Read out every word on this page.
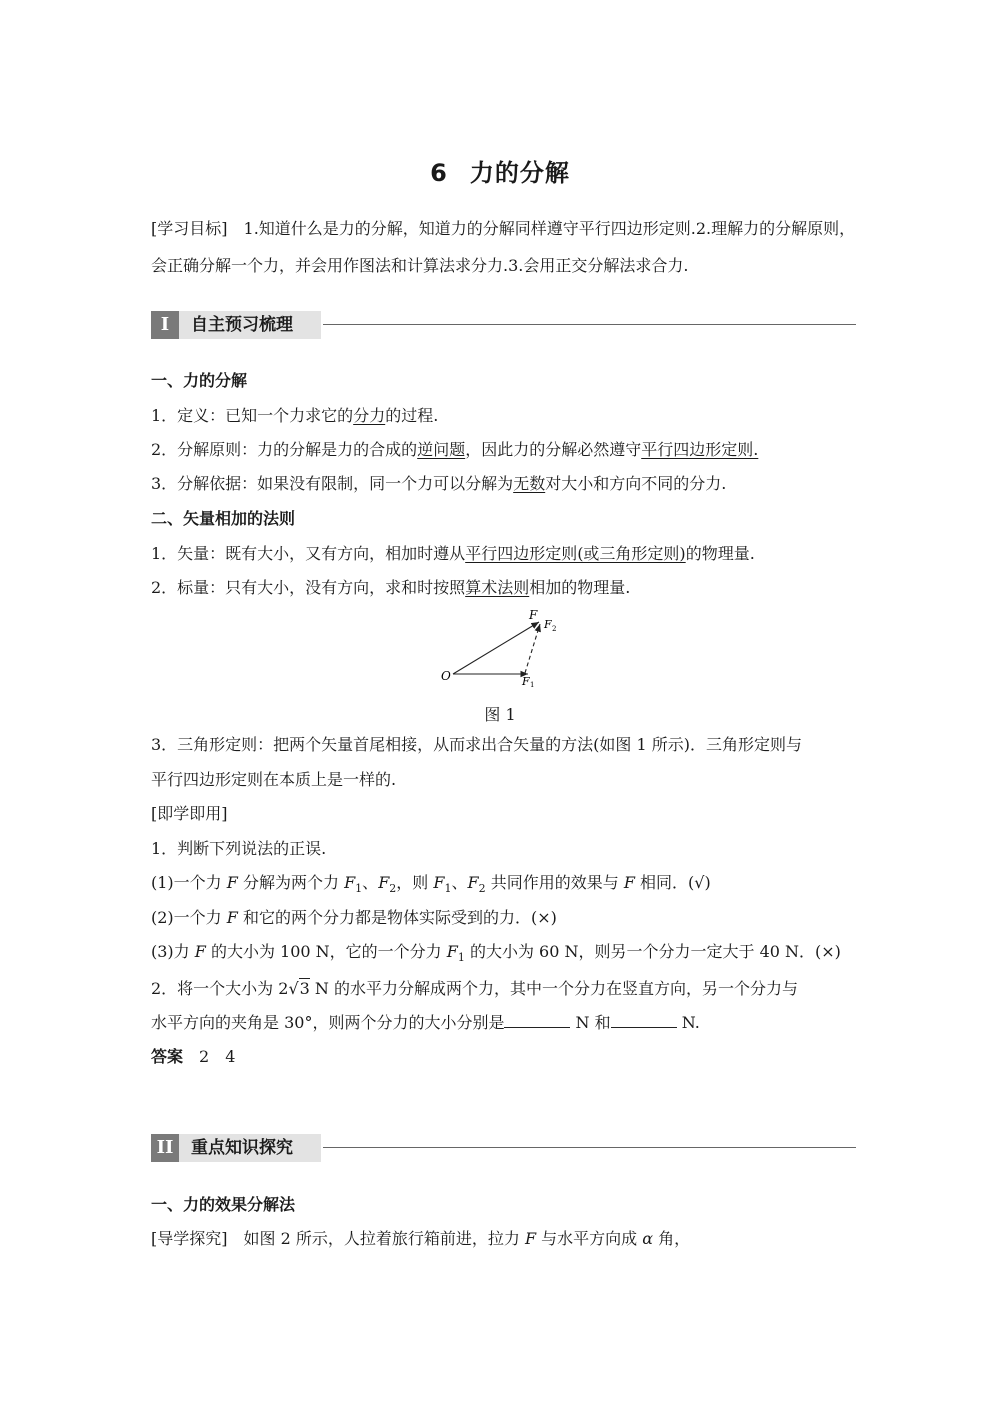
6 力的分解
[学习目标]　 1.知道什么是力的分解，知道力的分解同样遵守平行四边形定则.2.理解力的分解原则，会正确分解一个力，并会用作图法和计算法求分力.3.会用正交分解法求合力.
I	自主预习梳理
一、力的分解
1．定义：已知一个力求它的分力的过程.
2．分解原则：力的分解是力的合成的逆问题，因此力的分解必然遵守平行四边形定则.
3．分解依据：如果没有限制，同一个力可以分解为无数对大小和方向不同的分力.
二、矢量相加的法则
1．矢量：既有大小，又有方向，相加时遵从平行四边形定则(或三角形定则)的物理量.
2．标量：只有大小，没有方向，求和时按照算术法则相加的物理量.
O
F
F 2
F 1
图 1
3．三角形定则：把两个矢量首尾相接，从而求出合矢量的方法(如图 1 所示)．三角形定则与
平行四边形定则在本质上是一样的.
[即学即用]
1．判断下列说法的正误.
(1)一个力 F 分解为两个力 $F_1$、$F_2$，则 $F_1$、$F_2$ 共同作用的效果与 F 相同．(√)
(2)一个力 F 和它的两个分力都是物体实际受到的力．(×)
(3)力 F 的大小为 100 N，它的一个分力 $F_1$ 的大小为 60 N，则另一个分力一定大于 40 N．(×)
2．将一个大小为 2√3 N 的水平力分解成两个力，其中一个分力在竖直方向，另一个分力与
水平方向的夹角是 30°，则两个分力的大小分别是	N 和	N.
答案　 2　4
II	重点知识探究
一、力的效果分解法
[导学探究]　如图 2 所示，人拉着旅行箱前进，拉力 F 与水平方向成 α 角，
